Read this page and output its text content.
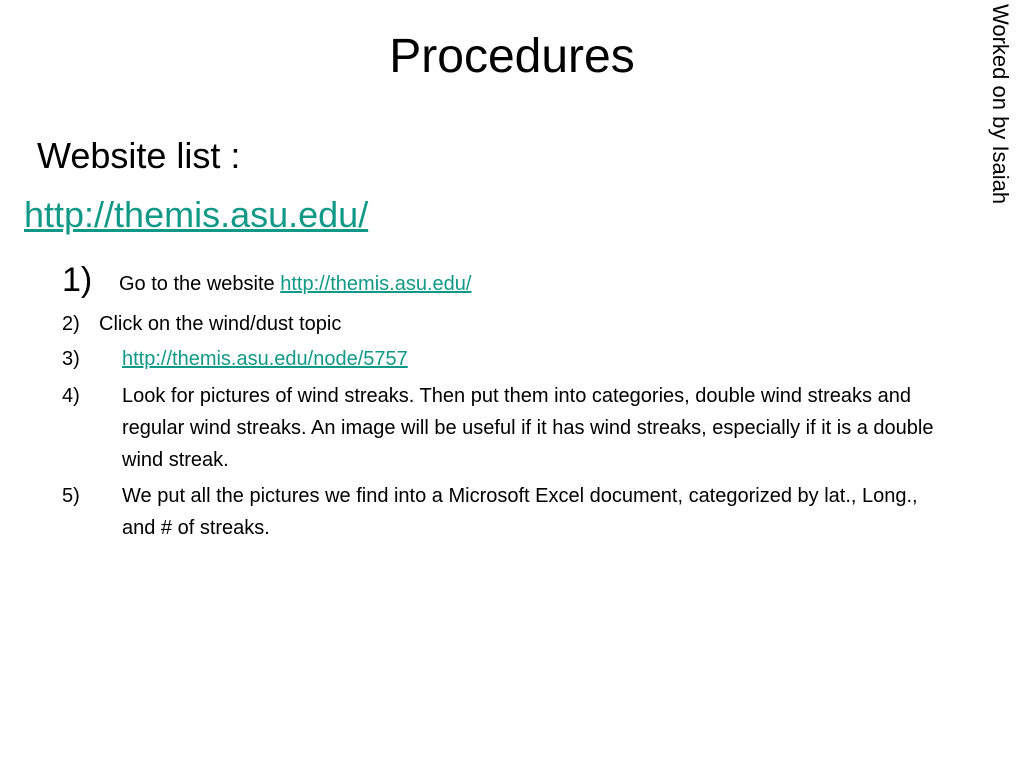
Procedures	Worked on by Isaiah
Website list :
http://themis.asu.edu/
1)	Go to the website http://themis.asu.edu/
2) Click on the wind/dust topic
3)	http://themis.asu.edu/node/5757
4)	Look for pictures of wind streaks. Then put them into categories, double wind streaks and regular wind streaks. An image will be useful if it has wind streaks, especially if it is a double wind streak.
5)	We put all the pictures we find into a Microsoft Excel document, categorized by lat., Long., and # of streaks.
